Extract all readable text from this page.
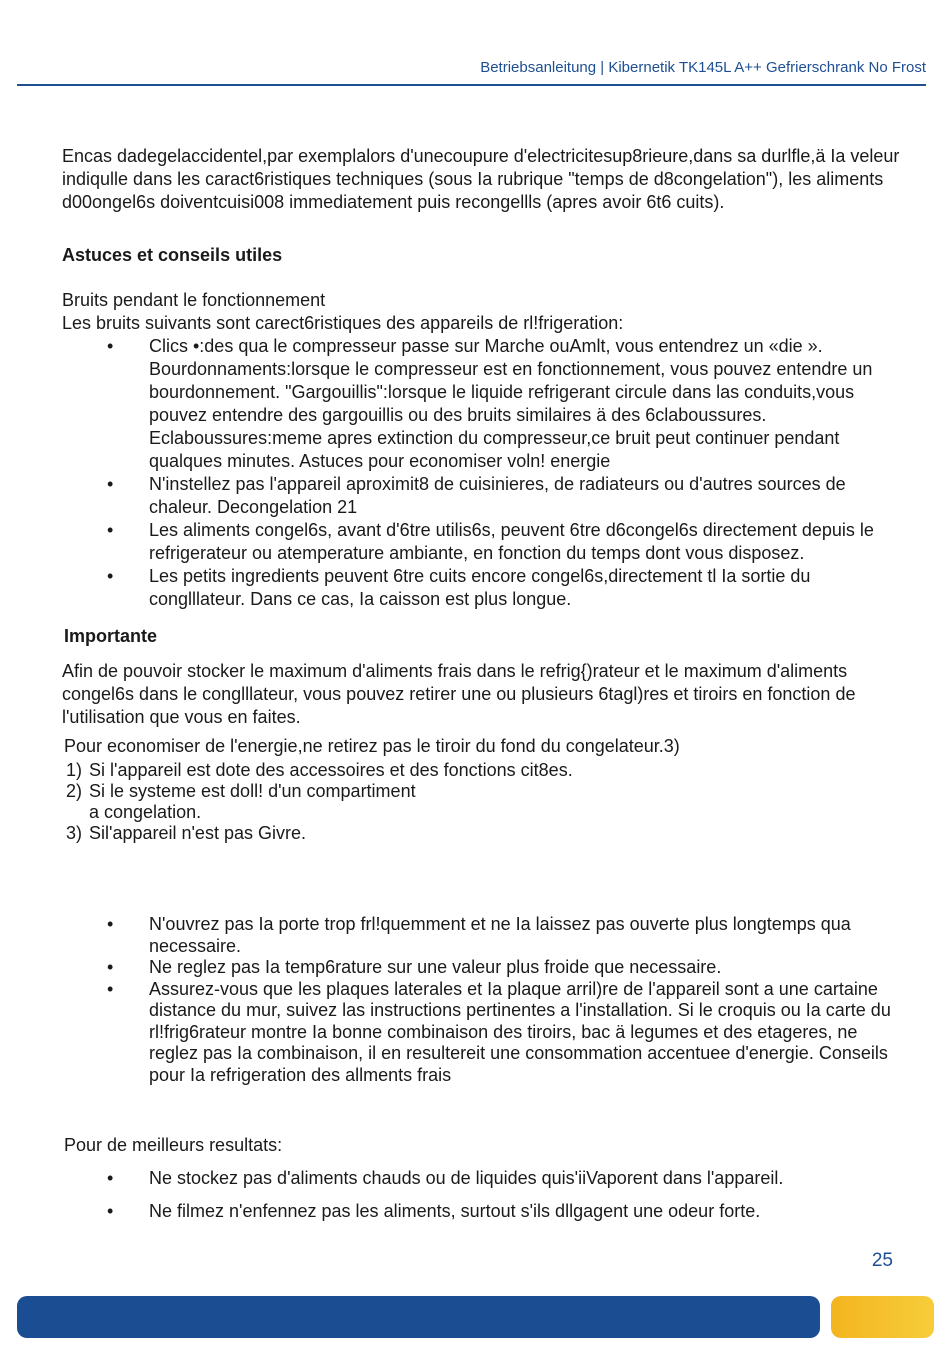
Betriebsanleitung | Kibernetik TK145L A++ Gefrierschrank No Frost

Encas dadegelaccidentel,par exemplalors d'unecoupure d'electricitesup8rieure,dans sa durlfle,ä Ia veleur indiqulle dans les caract6ristiques techniques (sous Ia rubrique "temps de d8congelation"), les aliments d00ongel6s doiventcuisi008 immediatement puis recongellls (apres avoir 6t6 cuits).

Astuces et conseils utiles

Bruits pendant le fonctionnement

Les bruits suivants sont carect6ristiques des appareils de rl!frigeration:

• Clics •:des qua le compresseur passe sur Marche ouAmlt, vous entendrez un «die ». Bourdonnaments:lorsque le compresseur est en fonctionnement, vous pouvez entendre un bourdonnement. "Gargouillis":lorsque le liquide refrigerant circule dans las conduits,vous pouvez entendre des gargouillis ou des bruits similaires ä des 6claboussures. Eclaboussures:meme apres extinction du compresseur,ce bruit peut continuer pendant qualques minutes. Astuces pour economiser voln! energie
• N'instellez pas l'appareil aproximit8 de cuisinieres, de radiateurs ou d'autres sources de chaleur. Decongelation 21
• Les aliments congel6s, avant d'6tre utilis6s, peuvent 6tre d6congel6s directement depuis le refrigerateur ou atemperature ambiante, en fonction du temps dont vous disposez.
• Les petits ingredients peuvent 6tre cuits encore congel6s,directement tl Ia sortie du conglllateur. Dans ce cas, Ia caisson est plus longue.
Importante

Afin de pouvoir stocker le maximum d'aliments frais dans le refrig{)rateur et le maximum d'aliments congel6s dans le conglllateur, vous pouvez retirer une ou plusieurs 6tagl)res et tiroirs en fonction de l'utilisation que vous en faites.

Pour economiser de l'energie,ne retirez pas le tiroir du fond du congelateur.3)

1) Si l'appareil est dote des accessoires et des fonctions cit8es.
2) Si le systeme est doll! d'un compartiment
a congelation.
3) Sil'appareil n'est pas Givre.
• N'ouvrez pas Ia porte trop frl!quemment et ne Ia laissez pas ouverte plus longtemps qua necessaire.
• Ne reglez pas Ia temp6rature sur une valeur plus froide que necessaire.
• Assurez-vous que les plaques laterales et Ia plaque arril)re de l'appareil sont a une cartaine distance du mur, suivez las instructions pertinentes a l'installation. Si le croquis ou Ia carte du rl!frig6rateur montre Ia bonne combinaison des tiroirs, bac ä legumes et des etageres, ne reglez pas Ia combinaison, il en resultereit une consommation accentuee d'energie. Conseils pour Ia refrigeration des allments frais

Pour de meilleurs resultats:

• Ne stockez pas d'aliments chauds ou de liquides quis'iiVaporent dans l'appareil.
• Ne filmez n'enfennez pas les aliments, surtout s'ils dllgagent une odeur forte.
25
